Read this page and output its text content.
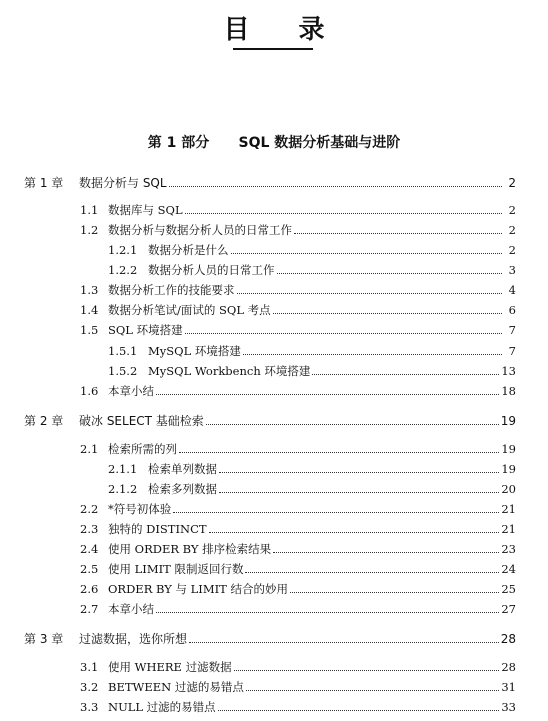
目 录
第 1 部分 SQL 数据分析基础与进阶
第 1 章	数据分析与 SQL	2
1.1 数据库与 SQL	2
1.2 数据分析与数据分析人员的日常工作	2
1.2.1 数据分析是什么	2
1.2.2 数据分析人员的日常工作	3
1.3 数据分析工作的技能要求	4
1.4 数据分析笔试/面试的 SQL 考点	6
1.5 SQL 环境搭建	7
1.5.1 MySQL 环境搭建	7
1.5.2 MySQL Workbench 环境搭建	13
1.6 本章小结	18
第 2 章	破冰 SELECT 基础检索	19
2.1 检索所需的列	19
2.1.1 检索单列数据	19
2.1.2 检索多列数据	20
2.2 *符号初体验	21
2.3 独特的 DISTINCT	21
2.4 使用 ORDER BY 排序检索结果	23
2.5 使用 LIMIT 限制返回行数	24
2.6 ORDER BY 与 LIMIT 结合的妙用	25
2.7 本章小结	27
第 3 章	过滤数据，选你所想	28
3.1 使用 WHERE 过滤数据	28
3.2 BETWEEN 过滤的易错点	31
3.3 NULL 过滤的易错点	33
